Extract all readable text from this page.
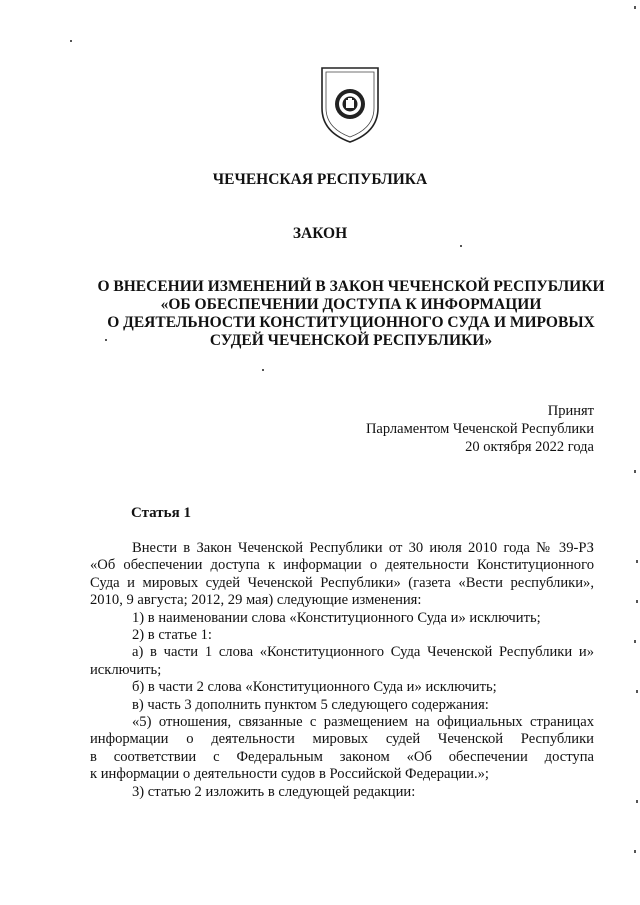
ЧЕЧЕНСКАЯ РЕСПУБЛИКА
ЗАКОН
О ВНЕСЕНИИ ИЗМЕНЕНИЙ В ЗАКОН ЧЕЧЕНСКОЙ РЕСПУБЛИКИ
«ОБ ОБЕСПЕЧЕНИИ ДОСТУПА К ИНФОРМАЦИИ
О ДЕЯТЕЛЬНОСТИ КОНСТИТУЦИОННОГО СУДА И МИРОВЫХ
СУДЕЙ ЧЕЧЕНСКОЙ РЕСПУБЛИКИ»
Принят
Парламентом Чеченской Республики
20 октября 2022 года
Статья 1

Внести в Закон Чеченской Республики от 30 июля 2010 года № 39-РЗ

«Об обеспечении доступа к информации о деятельности Конституционного

Суда и мировых судей Чеченской Республики» (газета «Вести республики»,

2010, 9 августа; 2012, 29 мая) следующие изменения:

1) в наименовании слова «Конституционного Суда и» исключить;

2) в статье 1:

а) в части 1 слова «Конституционного Суда Чеченской Республики и»

исключить;

б) в части 2 слова «Конституционного Суда и» исключить;

в) часть 3 дополнить пунктом 5 следующего содержания:

«5) отношения, связанные с размещением на официальных страницах

информации о деятельности мировых судей Чеченской Республики

в соответствии с Федеральным законом «Об обеспечении доступа

к информации о деятельности судов в Российской Федерации.»;

3) статью 2 изложить в следующей редакции:
